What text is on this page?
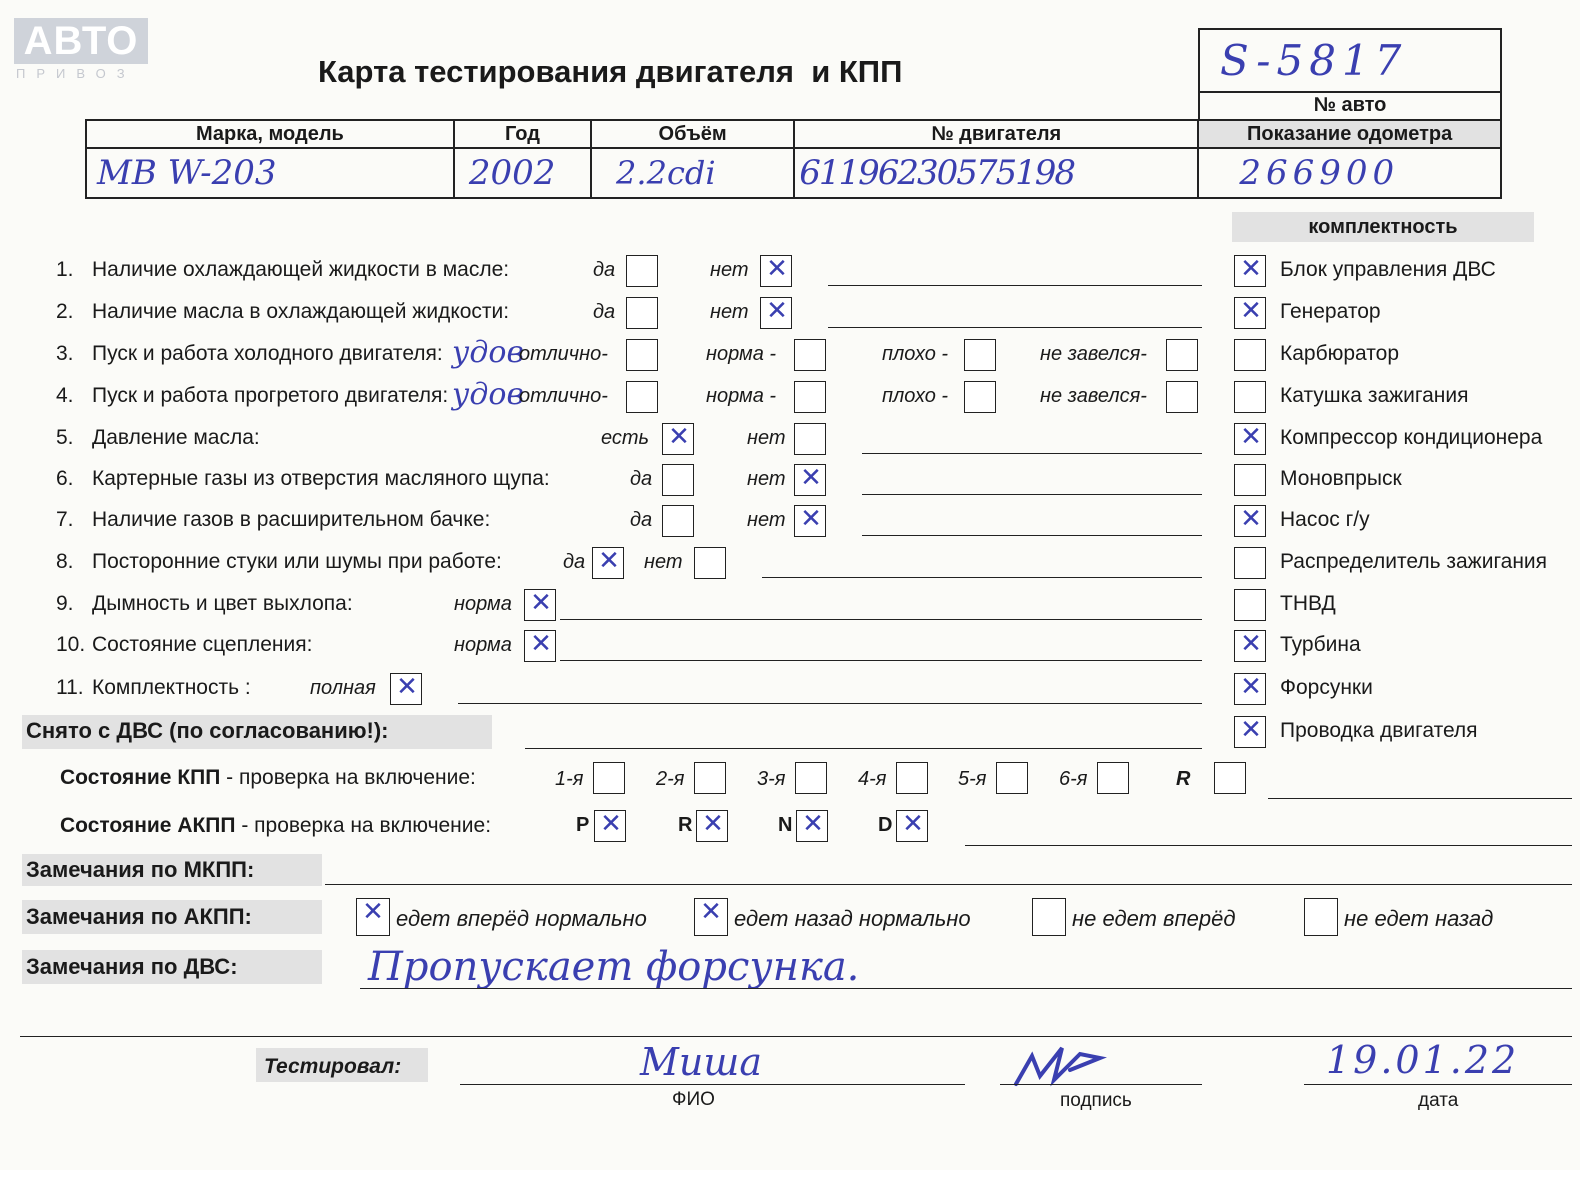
АВТО
ПРИВОЗ	Карта тестирования двигателя  и КПП	S-5817
№ авто
Марка, модель	Год	Объём	№ двигателя	Показание одометра
МВ W-203	2002	2.2cdi	61196230575198	266900
комплектность
✕ Блок управления ДВС
✕ Генератор
Карбюратор
Катушка зажигания
✕ Компрессор кондиционера
Моновпрыск
✕ Насос г/у
Распределитель зажигания
ТНВД
✕ Турбина
✕ Форсунки
✕ Проводка двигателя
1. Наличие охлаждающей жидкости в масле:	да	нет ✕
2. Наличие масла в охлаждающей жидкости:	да	нет ✕
3. Пуск и работа холодного двигателя: удов
отлично-	норма -	плохо -	не завелся-
4. Пуск и работа прогретого двигателя: удов
отлично-	норма -	плохо -	не завелся-
5. Давление масла:	есть ✕	нет
6. Картерные газы из отверстия масляного щупа:	да	нет ✕
7. Наличие газов в расширительном бачке:	да	нет ✕
8. Посторонние стуки или шумы при работе:	да ✕ нет
9. Дымность и цвет выхлопа:	норма ✕
10. Состояние сцепления:	норма ✕
11. Комплектность :	полная ✕
Снято с ДВС (по согласованию!):
Состояние КПП - проверка на включение:	1-я	2-я	3-я	4-я	5-я	6-я	R
Состояние АКПП - проверка на включение:	P ✕	R ✕	N ✕	D ✕
Замечания по МКПП:
Замечания по АКПП:	✕ едет вперёд нормально ✕ едет назад нормально	не едет вперёд	не едет назад
Замечания по ДВС:	Пропускает форсунка.
Тестировал:	Миша
ФИО	подпись
19.01.22
дата
